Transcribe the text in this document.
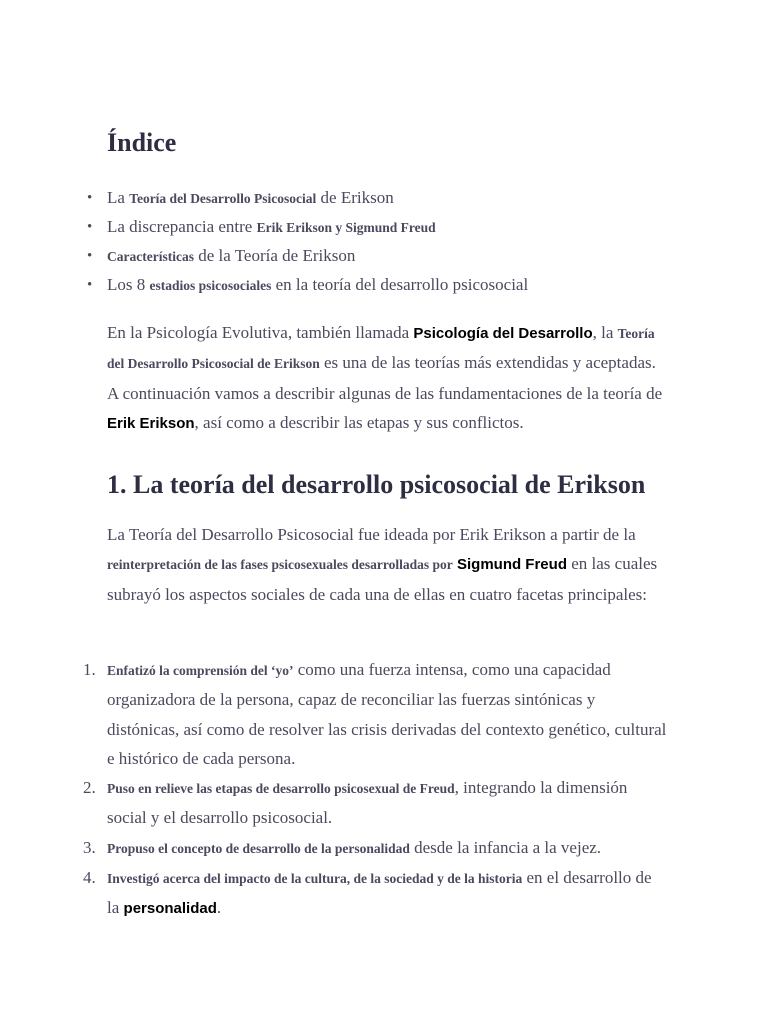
Índice
• La Teoría del Desarrollo Psicosocial de Erikson
• La discrepancia entre Erik Erikson y Sigmund Freud
• Características de la Teoría de Erikson
• Los 8 estadios psicosociales en la teoría del desarrollo psicosocial

En la Psicología Evolutiva, también llamada Psicología del Desarrollo, la Teoría del Desarrollo Psicosocial de Erikson es una de las teorías más extendidas y aceptadas. A continuación vamos a describir algunas de las fundamentaciones de la teoría de Erik Erikson, así como a describir las etapas y sus conflictos.

1. La teoría del desarrollo psicosocial de Erikson

La Teoría del Desarrollo Psicosocial fue ideada por Erik Erikson a partir de la reinterpretación de las fases psicosexuales desarrolladas por Sigmund Freud en las cuales subrayó los aspectos sociales de cada una de ellas en cuatro facetas principales:

Enfatizó la comprensión del ‘yo’ como una fuerza intensa, como una capacidad organizadora de la persona, capaz de reconciliar las fuerzas sintónicas y distónicas, así como de resolver las crisis derivadas del contexto genético, cultural e histórico de cada persona.
Puso en relieve las etapas de desarrollo psicosexual de Freud, integrando la dimensión social y el desarrollo psicosocial.
Propuso el concepto de desarrollo de la personalidad desde la infancia a la vejez.
Investigó acerca del impacto de la cultura, de la sociedad y de la historia en el desarrollo de la personalidad.
